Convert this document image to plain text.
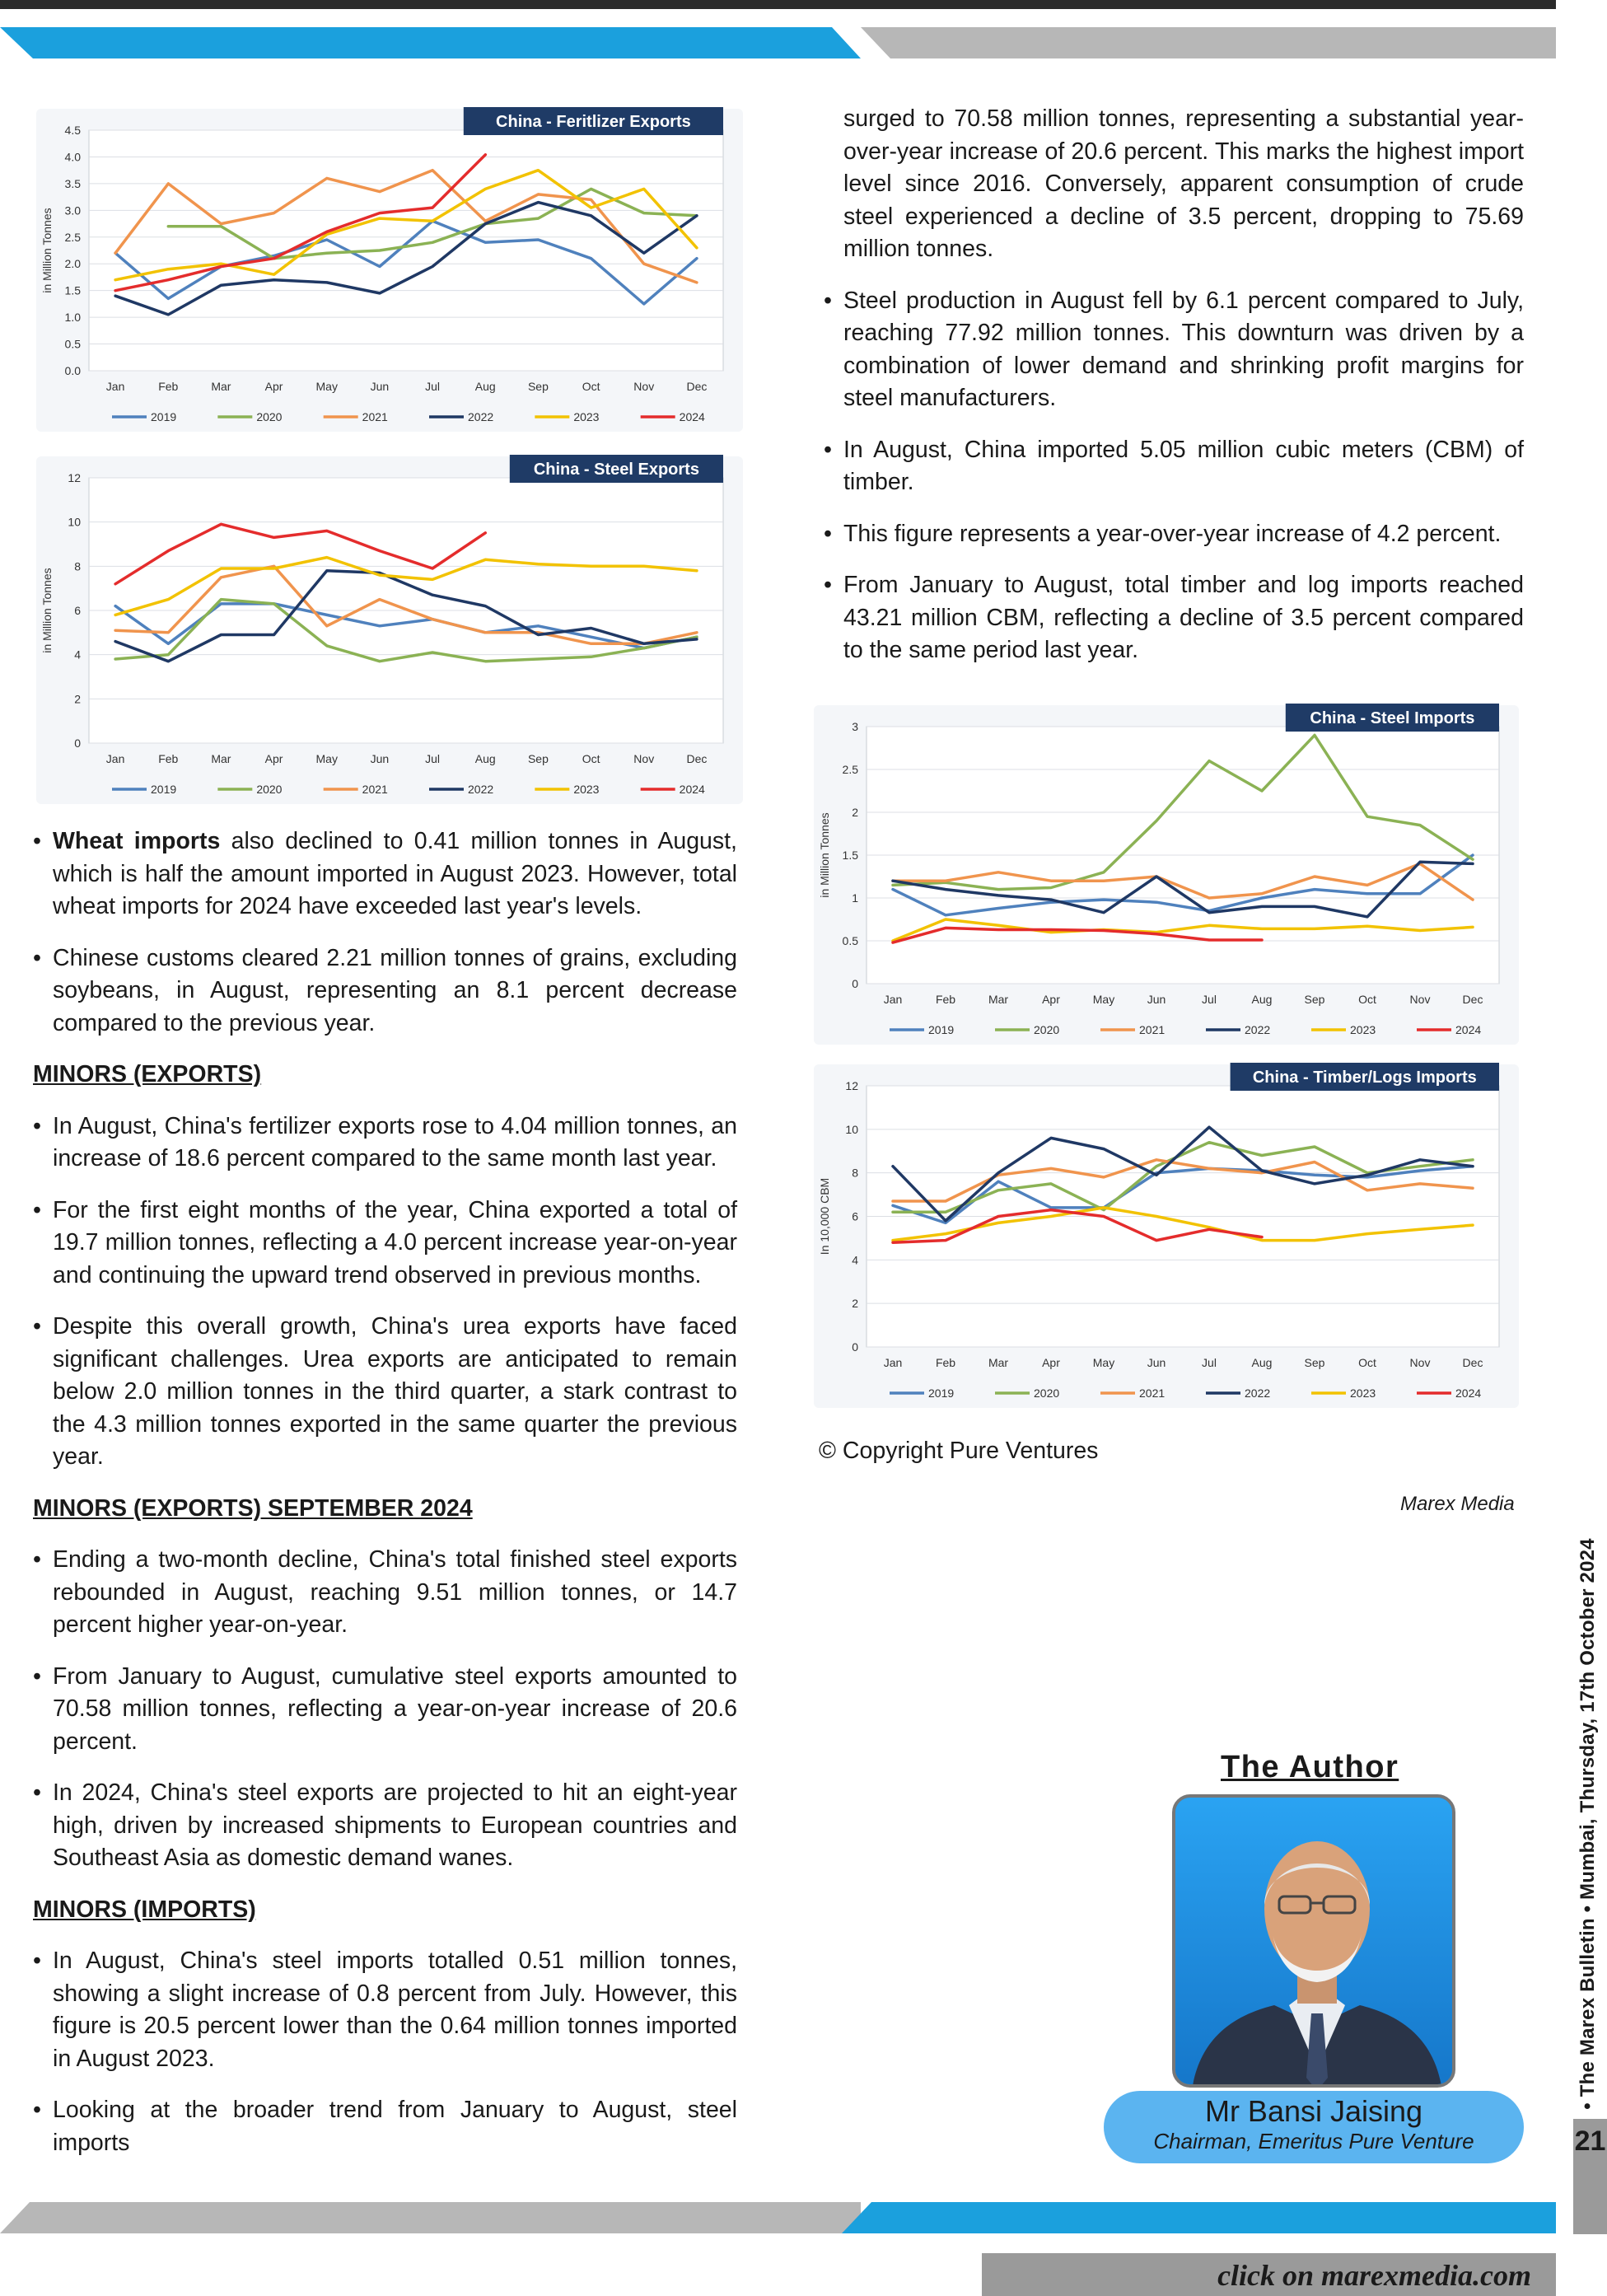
0.0
0.5
1.0
1.5
2.0
2.5
3.0
3.5
4.0
4.5
Jan	Feb	Mar	Apr	May	Jun	Jul	Aug	Sep	Oct	Nov	Dec
in Million Tonnes
China - Feritlizer Exports
2019	2020	2021	2022	2023	2024
0
2
4
6
8
10
12
Jan	Feb	Mar	Apr	May	Jun	Jul	Aug	Sep	Oct	Nov	Dec
in Million Tonnes
China - Steel Exports
2019	2020	2021	2022	2023	2024
0
0.5
1
1.5
2
2.5
3
Jan	Feb	Mar	Apr	May	Jun	Jul	Aug	Sep	Oct	Nov	Dec
in Million Tonnes
China - Steel Imports
2019	2020	2021	2022	2023	2024
0
2
4
6
8
10
12
Jan	Feb	Mar	Apr	May	Jun	Jul	Aug	Sep	Oct	Nov	Dec
In 10,000 CBM
China - Timber/Logs Imports
2019	2020	2021	2022	2023	2024

• Wheat imports also declined to 0.41 million tonnes in August, which is half the amount imported in August 2023. However, total wheat imports for 2024 have exceeded last year's levels.

• Chinese customs cleared 2.21 million tonnes of grains, excluding soybeans, in August, representing an 8.1 percent decrease compared to the previous year.

MINORS (EXPORTS)

• In August, China's fertilizer exports rose to 4.04 million tonnes, an increase of 18.6 percent compared to the same month last year.

• For the first eight months of the year, China exported a total of 19.7 million tonnes, reflecting a 4.0 percent increase year-on-year and continuing the upward trend observed in previous months.

• Despite this overall growth, China's urea exports have faced significant challenges. Urea exports are anticipated to remain below 2.0 million tonnes in the third quarter, a stark contrast to the 4.3 million tonnes exported in the same quarter the previous year.

MINORS (EXPORTS) SEPTEMBER 2024

• Ending a two-month decline, China's total finished steel exports rebounded in August, reaching 9.51 million tonnes, or 14.7 percent higher year-on-year.

• From January to August, cumulative steel exports amounted to 70.58 million tonnes, reflecting a year-on-year increase of 20.6 percent.

• In 2024, China's steel exports are projected to hit an eight-year high, driven by increased shipments to European countries and Southeast Asia as domestic demand wanes.

MINORS (IMPORTS)

• In August, China's steel imports totalled 0.51 million tonnes, showing a slight increase of 0.8 percent from July. However, this figure is 20.5 percent lower than the 0.64 million tonnes imported in August 2023.

• Looking at the broader trend from January to August, steel imports

surged to 70.58 million tonnes, representing a substantial year-over-year increase of 20.6 percent. This marks the highest import level since 2016. Conversely, apparent consumption of crude steel experienced a decline of 3.5 percent, dropping to 75.69 million tonnes.

• Steel production in August fell by 6.1 percent compared to July, reaching 77.92 million tonnes. This downturn was driven by a combination of lower demand and shrinking profit margins for steel manufacturers.

• In August, China imported 5.05 million cubic meters (CBM) of timber.

• This figure represents a year-over-year increase of 4.2 percent.

• From January to August, total timber and log imports reached 43.21 million CBM, reflecting a decline of 3.5 percent compared to the same period last year.

© Copyright Pure Ventures
Marex Media
The Author
Mr Bansi Jaising
Chairman, Emeritus Pure Venture
• The Marex Bulletin • Mumbai, Thursday, 17th October 2024
21
click on marexmedia.com
